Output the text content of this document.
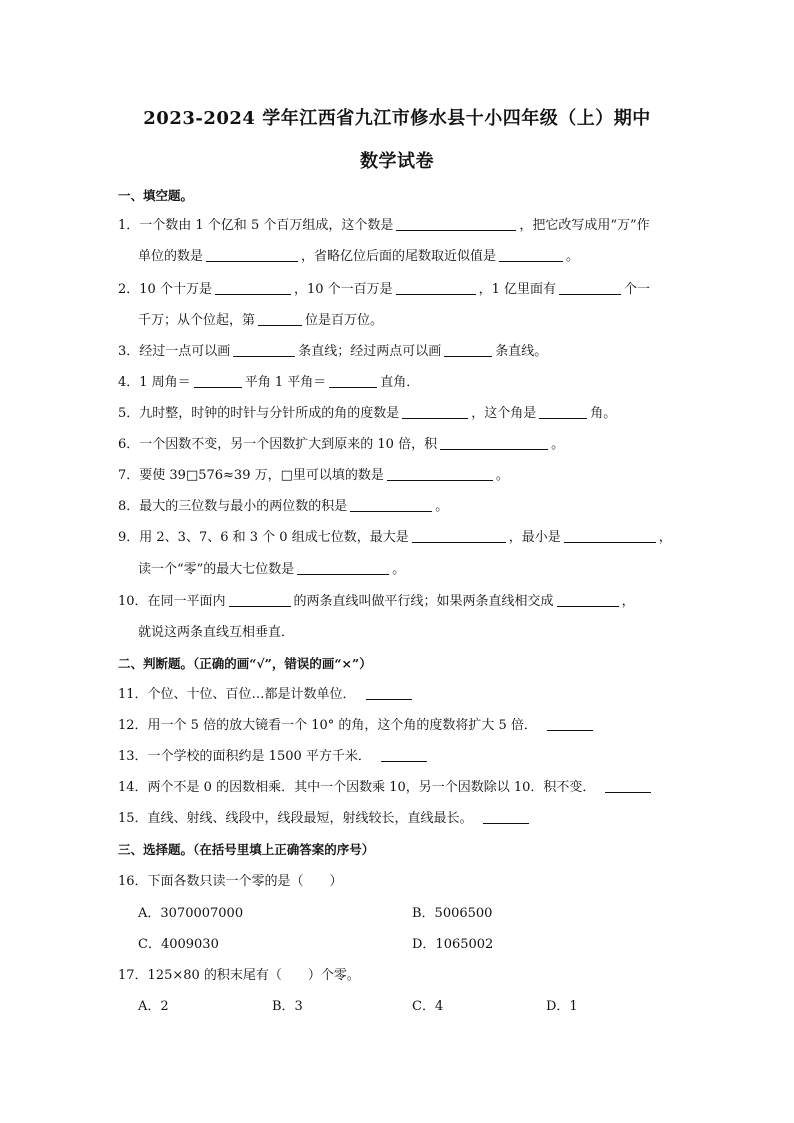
2023-2024 学年江西省九江市修水县十小四年级（上）期中
数学试卷
一、填空题。
1．一个数由 1 个亿和 5 个百万组成，这个数是	，把它改写成用“万”作
单位的数是	，省略亿位后面的尾数取近似值是	。
2．10 个十万是	，10 个一百万是	，1 亿里面有	个一
千万；从个位起，第	位是百万位。
3．经过一点可以画	条直线；经过两点可以画	条直线。
4．1 周角＝	平角 1 平角＝	直角．
5．九时整，时钟的时针与分针所成的角的度数是	，这个角是	角。
6．一个因数不变，另一个因数扩大到原来的 10 倍，积	。
7．要使 39□576≈39 万，□里可以填的数是	。
8．最大的三位数与最小的两位数的积是	。
9．用 2、3、7、6 和 3 个 0 组成七位数，最大是	，最小是	，
读一个“零”的最大七位数是	。
10．在同一平面内	的两条直线叫做平行线；如果两条直线相交成	，
就说这两条直线互相垂直．
二、判断题。（正确的画“√”，错误的画“×”）
11．个位、十位、百位…都是计数单位．
12．用一个 5 倍的放大镜看一个 10° 的角，这个角的度数将扩大 5 倍．
13．一个学校的面积约是 1500 平方千米．
14．两个不是 0 的因数相乘．其中一个因数乘 10，另一个因数除以 10．积不变．
15．直线、射线、线段中，线段最短，射线较长，直线最长。
三、选择题。（在括号里填上正确答案的序号）
16．下面各数只读一个零的是（　　）
A．3070007000	B．5006500
C．4009030	D．1065002
17．125×80 的积末尾有（　　）个零。
A．2	B．3	C．4	D．1
